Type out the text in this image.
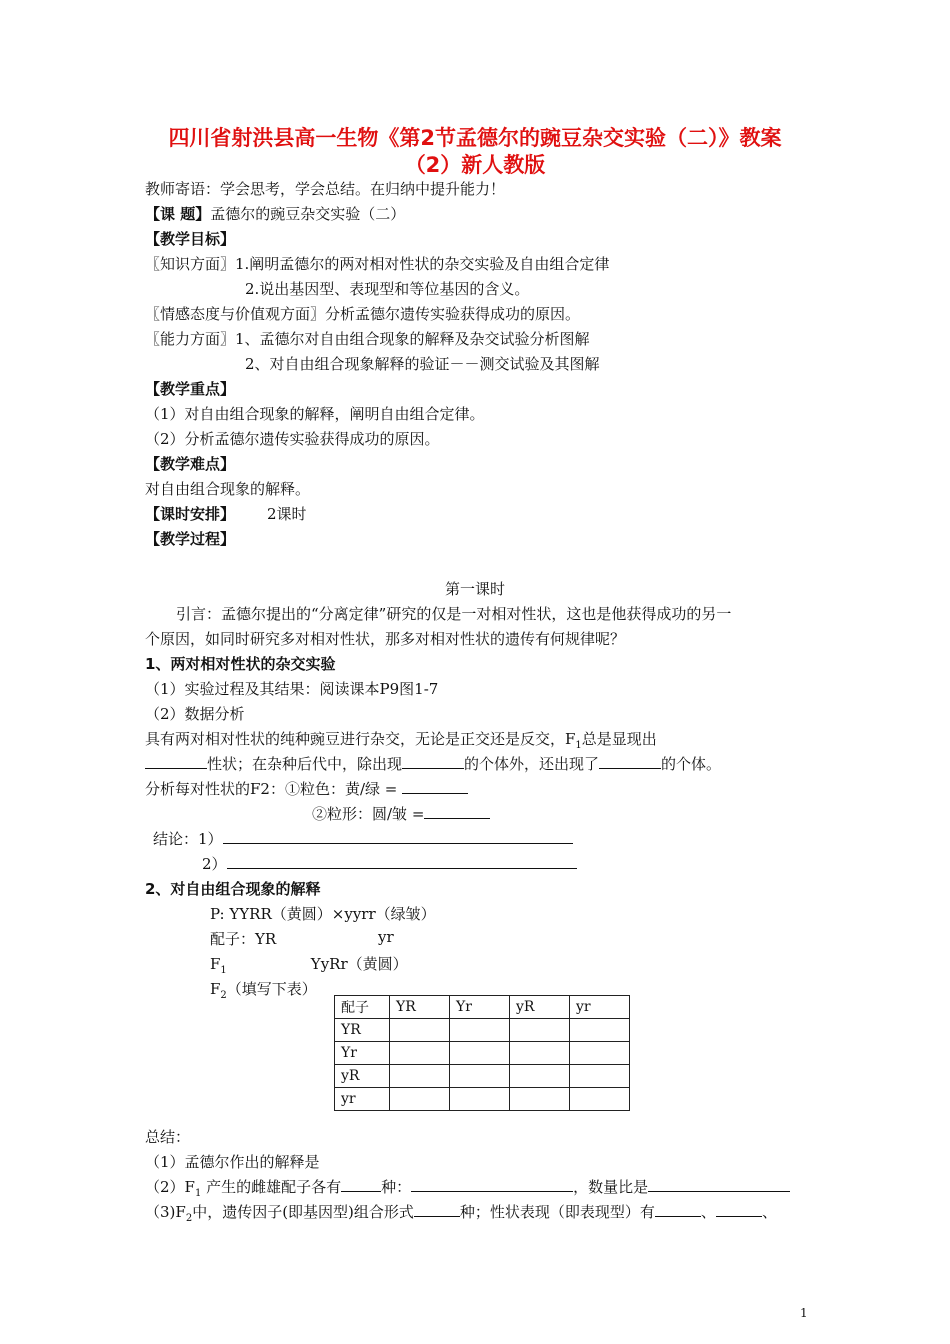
四川省射洪县高一生物《第2节孟德尔的豌豆杂交实验（二）》教案
（2）新人教版
教师寄语：学会思考，学会总结。在归纳中提升能力！
【课 题】孟德尔的豌豆杂交实验（二）
【教学目标】
〖知识方面〗1.阐明孟德尔的两对相对性状的杂交实验及自由组合定律
2.说出基因型、表现型和等位基因的含义。
〖情感态度与价值观方面〗分析孟德尔遗传实验获得成功的原因。
〖能力方面〗1、孟德尔对自由组合现象的解释及杂交试验分析图解
2、对自由组合现象解释的验证－－测交试验及其图解
【教学重点】
（1）对自由组合现象的解释，阐明自由组合定律。
（2）分析孟德尔遗传实验获得成功的原因。
【教学难点】
对自由组合现象的解释。
【课时安排】 2课时
【教学过程】
第一课时
引言：孟德尔提出的“分离定律”研究的仅是一对相对性状，这也是他获得成功的另一
个原因，如同时研究多对相对性状，那多对相对性状的遗传有何规律呢？
1、两对相对性状的杂交实验
（1）实验过程及其结果：阅读课本P9图1-7
（2）数据分析
具有两对相对性状的纯种豌豆进行杂交，无论是正交还是反交，$F_1$总是显现出
性状；在杂种后代中，除出现	的个体外，还出现了	的个体。
分析每对性状的F2：①粒色：黄/绿 =
②粒形：圆/皱 =
结论：1）
2）
2、对自由组合现象的解释
P: YYRR（黄圆）×yyrr（绿皱）
配子：YR	yr
$F_1$	YyRr（黄圆）
$F_2$（填写下表）
配子	YR	Yr	yR	yr
YR				
Yr				
yR				
yr				
总结：
（1）孟德尔作出的解释是
$(2)F_1$ 产生的雌雄配子各有	种：	，数量比是
$(3)F_2$中，遗传因子(即基因型)组合形式	种；性状表现（即表现型）有	、	、
1
